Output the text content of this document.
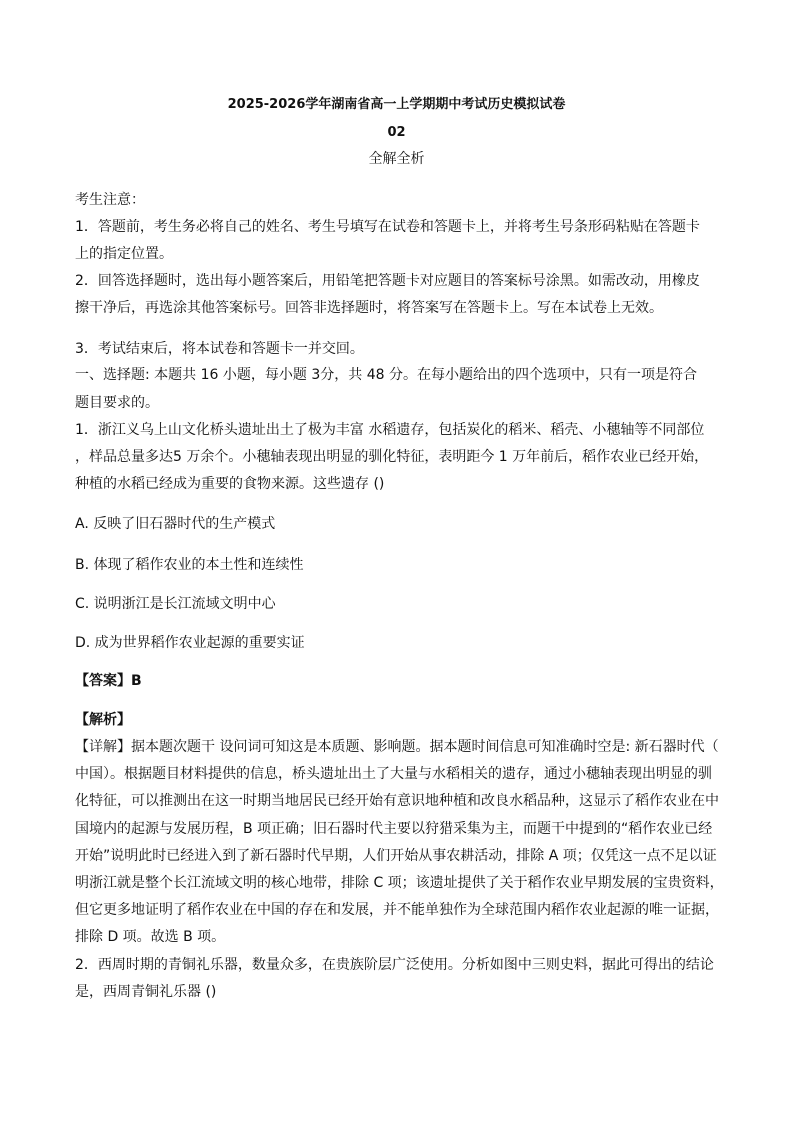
2025-2026学年湖南省高一上学期期中考试历史模拟试卷
02
全解全析
考生注意：
1．答题前，考生务必将自己的姓名、考生号填写在试卷和答题卡上，并将考生号条形码粘贴在答题卡
上的指定位置。
2．回答选择题时，选出每小题答案后，用铅笔把答题卡对应题目的答案标号涂黑。如需改动，用橡皮
擦干净后，再选涂其他答案标号。回答非选择题时，将答案写在答题卡上。写在本试卷上无效。
3．考试结束后，将本试卷和答题卡一并交回。
一、选择题: 本题共 16 小题，每小题 3分，共 48 分。在每小题给出的四个选项中，只有一项是符合
题目要求的。
1．浙江义乌上山文化桥头遗址出土了极为丰富 水稻遗存，包括炭化的稻米、稻壳、小穗轴等不同部位
，样品总量多达5 万余个。小穗轴表现出明显的驯化特征，表明距今 1 万年前后，稻作农业已经开始，
种植的水稻已经成为重要的食物来源。这些遗存 ()
A. 反映了旧石器时代的生产模式
B. 体现了稻作农业的本土性和连续性
C. 说明浙江是长江流域文明中心
D. 成为世界稻作农业起源的重要实证
【答案】B
【解析】
【详解】据本题次题干 设问词可知这是本质题、影响题。据本题时间信息可知准确时空是: 新石器时代（
中国）。根据题目材料提供的信息，桥头遗址出土了大量与水稻相关的遗存，通过小穗轴表现出明显的驯
化特征，可以推测出在这一时期当地居民已经开始有意识地种植和改良水稻品种，这显示了稻作农业在中
国境内的起源与发展历程，B 项正确；旧石器时代主要以狩猎采集为主，而题干中提到的“稻作农业已经
开始”说明此时已经进入到了新石器时代早期，人们开始从事农耕活动，排除 A 项；仅凭这一点不足以证
明浙江就是整个长江流域文明的核心地带，排除 C 项；该遗址提供了关于稻作农业早期发展的宝贵资料，
但它更多地证明了稻作农业在中国的存在和发展，并不能单独作为全球范围内稻作农业起源的唯一证据，
排除 D 项。故选 B 项。
2．西周时期的青铜礼乐器，数量众多，在贵族阶层广泛使用。分析如图中三则史料，据此可得出的结论
是，西周青铜礼乐器 ()
